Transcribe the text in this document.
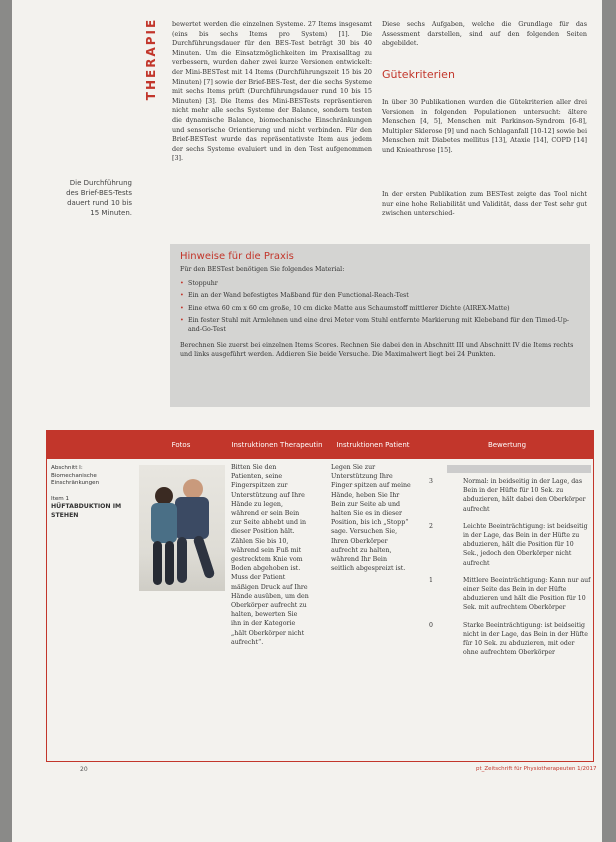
THERAPIE
Die Durchführung des Brief-BES-Tests dauert rund 10 bis 15 Minuten.
bewertet werden die einzelnen Systeme. 27 Items insgesamt (eins bis sechs Items pro System) [1]. Die Durchführungsdauer für den BES-Test beträgt 30 bis 40 Minuten. Um die Einsatzmöglichkeiten im Praxisalltag zu verbessern, wurden daher zwei kurze Versionen entwickelt: der Mini-BESTest mit 14 Items (Durchführungszeit 15 bis 20 Minuten) [7] sowie der Brief-BES-Test, der die sechs Systeme mit sechs Items prüft (Durchführungsdauer rund 10 bis 15 Minuten) [3]. Die Items des Mini-BESTests repräsentieren nicht mehr alle sechs Systeme der Balance, sondern testen die dynamische Balance, biomechanische Einschränkungen und sensorische Orientierung und nicht verbinden. Für den Brief-BESTest wurde das repräsentativste Item aus jedem der sechs Systeme evaluiert und in den Test aufgenommen [3].
Diese sechs Aufgaben, welche die Grundlage für das Assessment darstellen, sind auf den folgenden Seiten abgebildet.
Gütekriterien
In über 30 Publikationen wurden die Gütekriterien aller drei Versionen in folgenden Populationen untersucht: ältere Menschen [4, 5], Menschen mit Parkinson-Syndrom [6-8], Multipler Sklerose [9] und nach Schlaganfall [10-12] sowie bei Menschen mit Diabetes mellitus [13], Ataxie [14], COPD [14] und Knieathrose [15].
In der ersten Publikation zum BESTest zeigte das Tool nicht nur eine hohe Reliabilität und Validität, dass der Test sehr gut zwischen unterschied-
Hinweise für die Praxis
Für den BESTest benötigen Sie folgendes Material:
• Stoppuhr
• Ein an der Wand befestigtes Maßband für den Functional-Reach-Test
• Eine etwa 60 cm x 60 cm große, 10 cm dicke Matte aus Schaumstoff mittlerer Dichte (AIREX-Matte)
• Ein fester Stuhl mit Armlehnen und eine drei Meter vom Stuhl entfernte Markierung mit Klebeband für den Timed-Up-and-Go-Test
Berechnen Sie zuerst bei einzelnen Items Scores. Rechnen Sie dabei den in Abschnitt III und Abschnitt IV die Items rechts und links ausgeführt werden. Addieren Sie beide Versuche. Die Maximalwert liegt bei 24 Punkten.
Fotos	Instruktionen Therapeutin	Instruktionen Patient	Bewertung
Abschnitt I:
Biomechanische Einschränkungen
Item 1
HÜFTABDUKTION IM STEHEN
Bitten Sie den Patienten, seine Fingerspitzen zur Unterstützung auf Ihre Hände zu legen, während er sein Bein zur Seite abhebt und in dieser Position hält. Zählen Sie bis 10, während sein Fuß mit gestrecktem Knie vom Boden abgehoben ist. Muss der Patient mäßigen Druck auf Ihre Hände ausüben, um den Oberkörper aufrecht zu halten, bewerten Sie ihn in der Kategorie „hält Oberkörper nicht aufrecht“.
Legen Sie zur Unterstützung Ihre Finger spitzen auf meine Hände, heben Sie Ihr Bein zur Seite ab und halten Sie es in dieser Position, bis ich „Stopp“ sage. Versuchen Sie, Ihren Oberkörper aufrecht zu halten, während Ihr Bein seitlich abgespreizt ist.
3	Normal: in beidseitig in der Lage, das Bein in der Hüfte für 10 Sek. zu abduzieren, hält dabei den Oberkörper aufrecht
2	Leichte Beeinträchtigung: ist beidseitig in der Lage, das Bein in der Hüfte zu abduzieren, hält die Position für 10 Sek., jedoch den Oberkörper nicht aufrecht
1	Mittlere Beeinträchtigung: Kann nur auf einer Seite das Bein in der Hüfte abduzieren und hält die Position für 10 Sek. mit aufrechtem Oberkörper
0	Starke Beeinträchtigung: ist beidseitig nicht in der Lage, das Bein in der Hüfte für 10 Sek. zu abduzieren, mit oder ohne aufrechtem Oberkörper
20	pt_Zeitschrift für Physiotherapeuten 1/2017
